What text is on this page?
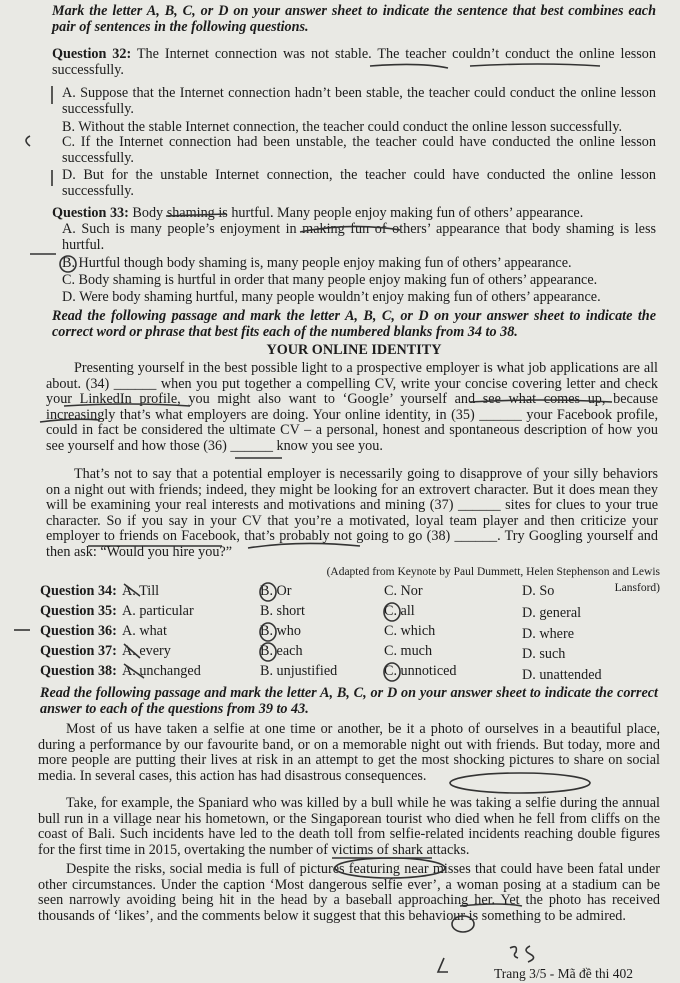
Mark the letter A, B, C, or D on your answer sheet to indicate the sentence that best combines each pair of sentences in the following questions.
Question 32: The Internet connection was not stable. The teacher couldn’t conduct the online lesson successfully.
A. Suppose that the Internet connection hadn’t been stable, the teacher could conduct the online lesson successfully.
B. Without the stable Internet connection, the teacher could conduct the online lesson successfully.
C. If the Internet connection had been unstable, the teacher could have conducted the online lesson successfully.
D. But for the unstable Internet connection, the teacher could have conducted the online lesson successfully.
Question 33: Body shaming is hurtful. Many people enjoy making fun of others’ appearance.
A. Such is many people’s enjoyment in making fun of others’ appearance that body shaming is less hurtful.
B. Hurtful though body shaming is, many people enjoy making fun of others’ appearance.
C. Body shaming is hurtful in order that many people enjoy making fun of others’ appearance.
D. Were body shaming hurtful, many people wouldn’t enjoy making fun of others’ appearance.
Read the following passage and mark the letter A, B, C, or D on your answer sheet to indicate the correct word or phrase that best fits each of the numbered blanks from 34 to 38.
YOUR ONLINE IDENTITY
Presenting yourself in the best possible light to a prospective employer is what job applications are all about. (34) ______ when you put together a compelling CV, write your concise covering letter and check your LinkedIn profile, you might also want to ‘Google’ yourself and see what comes up, because increasingly that’s what employers are doing. Your online identity, in (35) ______ your Facebook profile, could in fact be considered the ultimate CV – a personal, honest and spontaneous description of how you see yourself and how those (36) ______ know you see you.
That’s not to say that a potential employer is necessarily going to disapprove of your silly behaviors on a night out with friends; indeed, they might be looking for an extrovert character. But it does mean they will be examining your real interests and motivations and mining (37) ______ sites for clues to your true character. So if you say in your CV that you’re a motivated, loyal team player and then criticize your employer to friends on Facebook, that’s probably not going to go (38) ______. Try Googling yourself and then ask: “Would you hire you?”
(Adapted from Keynote by Paul Dummett, Helen Stephenson and Lewis Lansford)
Question 34: A. Till	B. Or	C. Nor	D. So
Question 35: A. particular	B. short	C. all	D. general
Question 36: A. what	B. who	C. which	D. where
Question 37: A. every	B. each	C. much	D. such
Question 38: A. unchanged	B. unjustified	C. unnoticed	D. unattended
Read the following passage and mark the letter A, B, C, or D on your answer sheet to indicate the correct answer to each of the questions from 39 to 43.
Most of us have taken a selfie at one time or another, be it a photo of ourselves in a beautiful place, during a performance by our favourite band, or on a memorable night out with friends. But today, more and more people are putting their lives at risk in an attempt to get the most shocking pictures to share on social media. In several cases, this action has had disastrous consequences.
Take, for example, the Spaniard who was killed by a bull while he was taking a selfie during the annual bull run in a village near his hometown, or the Singaporean tourist who died when he fell from cliffs on the coast of Bali. Such incidents have led to the death toll from selfie-related incidents reaching double figures for the first time in 2015, overtaking the number of victims of shark attacks.
Despite the risks, social media is full of pictures featuring near misses that could have been fatal under other circumstances. Under the caption ‘Most dangerous selfie ever’, a woman posing at a stadium can be seen narrowly avoiding being hit in the head by a baseball approaching her. Yet the photo has received thousands of ‘likes’, and the comments below it suggest that this behaviour is something to be admired.
Trang 3/5 - Mã đề thi 402
